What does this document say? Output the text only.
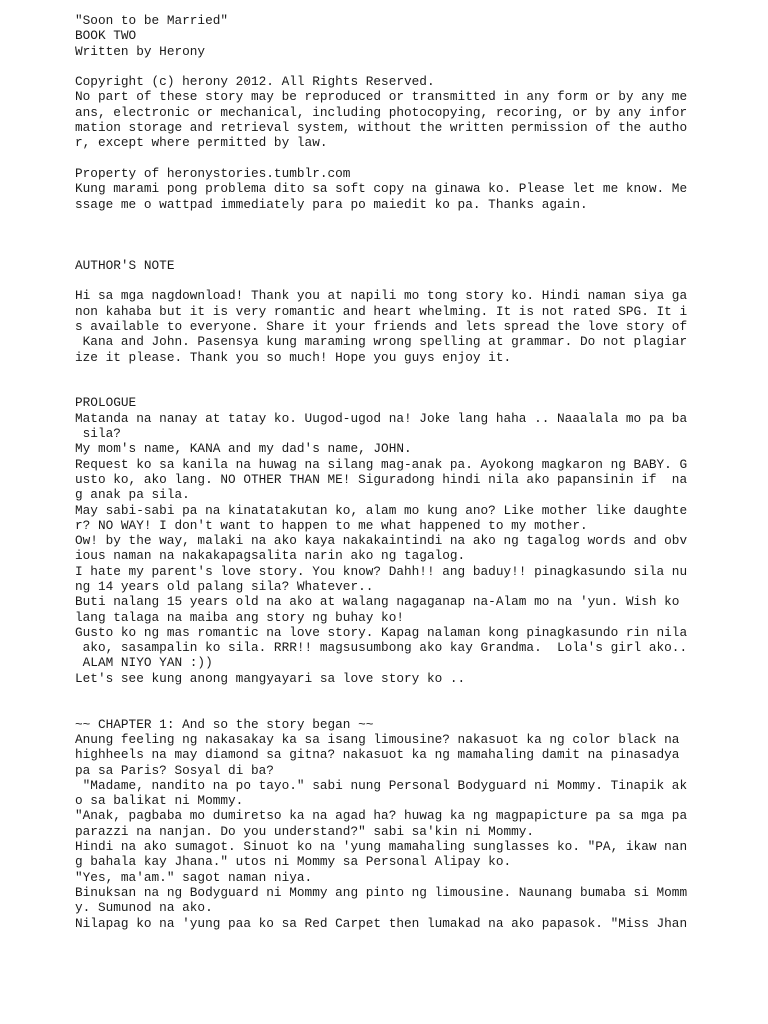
"Soon to be Married"
BOOK TWO
Written by Herony
Copyright (c) herony 2012. All Rights Reserved.
No part of these story may be reproduced or transmitted in any form or by any me
ans, electronic or mechanical, including photocopying, recoring, or by any infor
mation storage and retrieval system, without the written permission of the autho
r, except where permitted by law.
Property of heronystories.tumblr.com
Kung marami pong problema dito sa soft copy na ginawa ko. Please let me know. Me
ssage me o wattpad immediately para po maiedit ko pa. Thanks again.
AUTHOR'S NOTE
Hi sa mga nagdownload! Thank you at napili mo tong story ko. Hindi naman siya ga
non kahaba but it is very romantic and heart whelming. It is not rated SPG. It i
s available to everyone. Share it your friends and lets spread the love story of
Kana and John. Pasensya kung maraming wrong spelling at grammar. Do not plagiar
ize it please. Thank you so much! Hope you guys enjoy it.
PROLOGUE
Matanda na nanay at tatay ko. Uugod-ugod na! Joke lang haha .. Naaalala mo pa ba
sila?
My mom's name, KANA and my dad's name, JOHN.
Request ko sa kanila na huwag na silang mag-anak pa. Ayokong magkaron ng BABY. G
usto ko, ako lang. NO OTHER THAN ME! Siguradong hindi nila ako papansinin if  na
g anak pa sila.
May sabi-sabi pa na kinatatakutan ko, alam mo kung ano? Like mother like daughte
r? NO WAY! I don't want to happen to me what happened to my mother.
Ow! by the way, malaki na ako kaya nakakaintindi na ako ng tagalog words and obv
ious naman na nakakapagsalita narin ako ng tagalog.
I hate my parent's love story. You know? Dahh!! ang baduy!! pinagkasundo sila nu
ng 14 years old palang sila? Whatever..
Buti nalang 15 years old na ako at walang nagaganap na-Alam mo na 'yun. Wish ko
lang talaga na maiba ang story ng buhay ko!
Gusto ko ng mas romantic na love story. Kapag nalaman kong pinagkasundo rin nila
ako, sasampalin ko sila. RRR!! magsusumbong ako kay Grandma.  Lola's girl ako..
ALAM NIYO YAN :))
Let's see kung anong mangyayari sa love story ko ..
~~ CHAPTER 1: And so the story began ~~
Anung feeling ng nakasakay ka sa isang limousine? nakasuot ka ng color black na
highheels na may diamond sa gitna? nakasuot ka ng mamahaling damit na pinasadya
pa sa Paris? Sosyal di ba?
"Madame, nandito na po tayo." sabi nung Personal Bodyguard ni Mommy. Tinapik ak
o sa balikat ni Mommy.
"Anak, pagbaba mo dumiretso ka na agad ha? huwag ka ng magpapicture pa sa mga pa
parazzi na nanjan. Do you understand?" sabi sa'kin ni Mommy.
Hindi na ako sumagot. Sinuot ko na 'yung mamahaling sunglasses ko. "PA, ikaw nan
g bahala kay Jhana." utos ni Mommy sa Personal Alipay ko.
"Yes, ma'am." sagot naman niya.
Binuksan na ng Bodyguard ni Mommy ang pinto ng limousine. Naunang bumaba si Momm
y. Sumunod na ako.
Nilapag ko na 'yung paa ko sa Red Carpet then lumakad na ako papasok. "Miss Jhan
